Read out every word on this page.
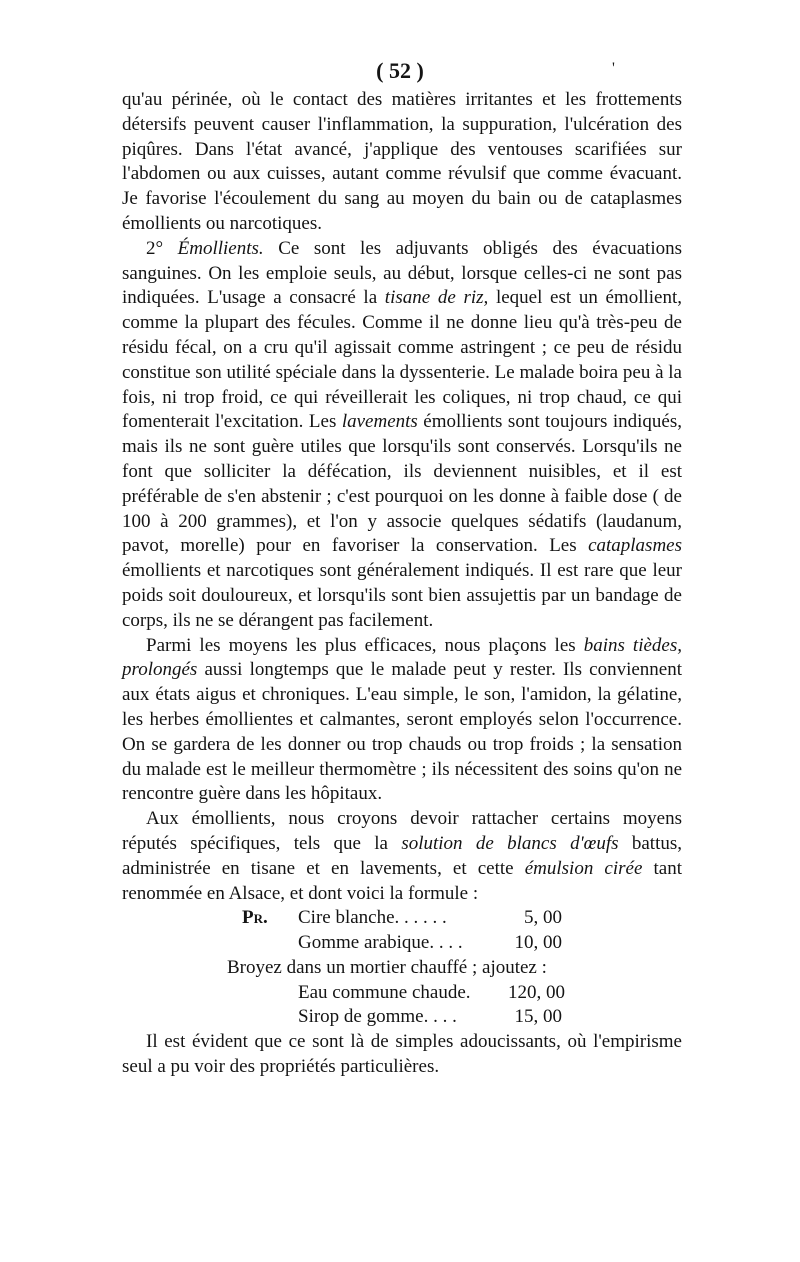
( 52 )	'

qu'au périnée, où le contact des matières irritantes et les frottements détersifs peuvent causer l'inflammation, la suppuration, l'ulcération des piqûres. Dans l'état avancé, j'applique des ventouses scarifiées sur l'abdomen ou aux cuisses, autant comme révulsif que comme évacuant. Je favorise l'écoulement du sang au moyen du bain ou de cataplasmes émollients ou narcotiques.

2° Émollients. Ce sont les adjuvants obligés des évacuations sanguines. On les emploie seuls, au début, lorsque celles-ci ne sont pas indiquées. L'usage a consacré la tisane de riz, lequel est un émollient, comme la plupart des fécules. Comme il ne donne lieu qu'à très-peu de résidu fécal, on a cru qu'il agissait comme astringent ; ce peu de résidu constitue son utilité spéciale dans la dyssenterie. Le malade boira peu à la fois, ni trop froid, ce qui réveillerait les coliques, ni trop chaud, ce qui fomenterait l'excitation. Les lavements émollients sont toujours indiqués, mais ils ne sont guère utiles que lorsqu'ils sont conservés. Lorsqu'ils ne font que solliciter la défécation, ils deviennent nuisibles, et il est préférable de s'en abstenir ; c'est pourquoi on les donne à faible dose ( de 100 à 200 grammes), et l'on y associe quelques sédatifs (laudanum, pavot, morelle) pour en favoriser la conservation. Les cataplasmes émollients et narcotiques sont généralement indiqués. Il est rare que leur poids soit douloureux, et lorsqu'ils sont bien assujettis par un bandage de corps, ils ne se dérangent pas facilement.

Parmi les moyens les plus efficaces, nous plaçons les bains tièdes, prolongés aussi longtemps que le malade peut y rester. Ils conviennent aux états aigus et chroniques. L'eau simple, le son, l'amidon, la gélatine, les herbes émollientes et calmantes, seront employés selon l'occurrence. On se gardera de les donner ou trop chauds ou trop froids ; la sensation du malade est le meilleur thermomètre ; ils nécessitent des soins qu'on ne rencontre guère dans les hôpitaux.

Aux émollients, nous croyons devoir rattacher certains moyens réputés spécifiques, tels que la solution de blancs d'œufs battus, administrée en tisane et en lavements, et cette émulsion cirée tant renommée en Alsace, et dont voici la formule :

Pr. Cire blanche. . . . . .	5, 00
Gomme arabique. . . .	10, 00
Broyez dans un mortier chauffé ; ajoutez :
Eau commune chaude. 120, 00
Sirop de gomme. . . .	15, 00

Il est évident que ce sont là de simples adoucissants, où l'empirisme seul a pu voir des propriétés particulières.
